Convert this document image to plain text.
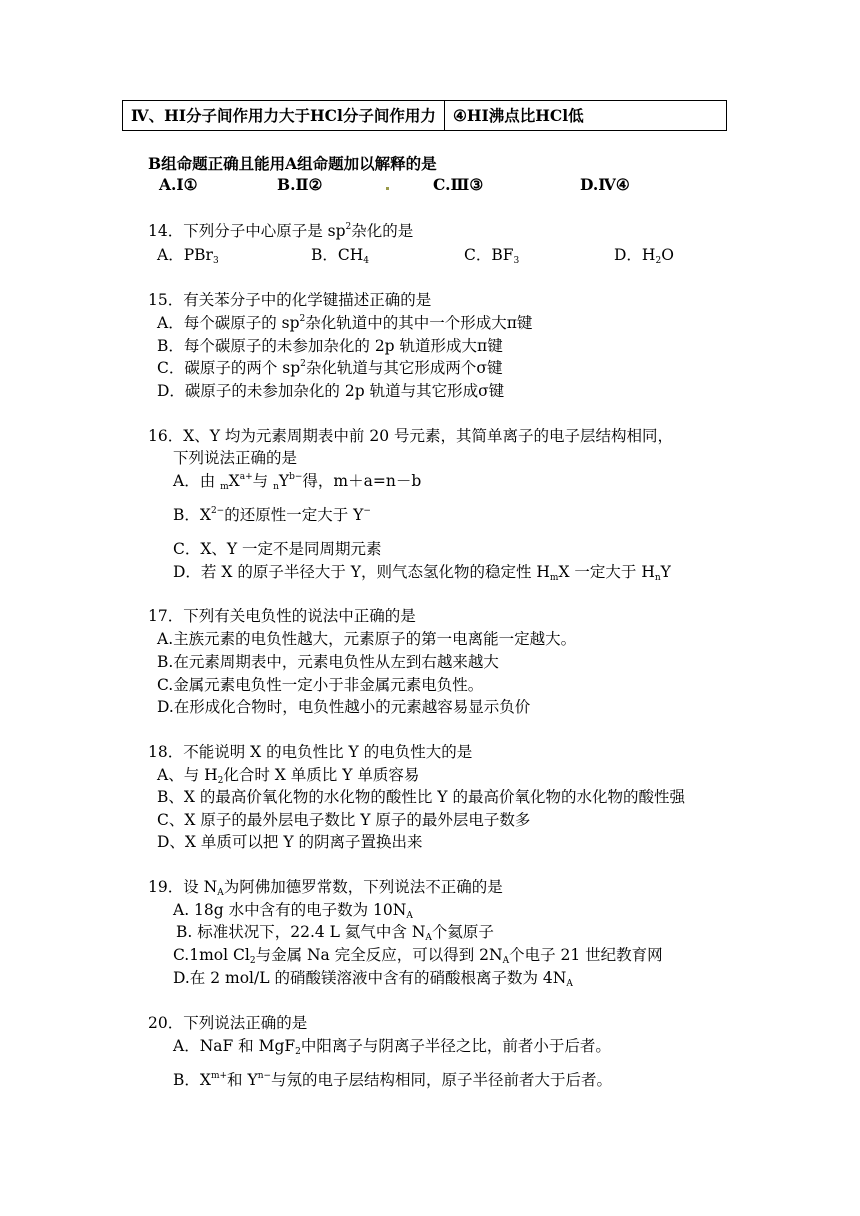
Ⅳ、HI分子间作用力大于HCl分子间作用力	④HI沸点比HCl低
B组命题正确且能用A组命题加以解释的是
A.Ⅰ①	B.Ⅱ②	C.Ⅲ③	D.Ⅳ④
14．下列分子中心原子是 $sp^2$杂化的是
A．PBr$_3$	B．$CH_4$	C．$BF_3$	D．$H_2O$
15．有关苯分子中的化学键描述正确的是
A．每个碳原子的 $sp^2$杂化轨道中的其中一个形成大π键
B．每个碳原子的未参加杂化的 2p 轨道形成大π键
C．碳原子的两个 $sp^2$杂化轨道与其它形成两个σ键
D．碳原子的未参加杂化的 2p 轨道与其它形成σ键
16．X、Y 均为元素周期表中前 20 号元素，其简单离子的电子层结构相同，
下列说法正确的是
A．由 $_mX^{a+}$与 $_nY^{b-}$得，m＋a=n－b
B．$X^{2-}$的还原性一定大于 Y−
C．X、Y 一定不是同周期元素
D．若 X 的原子半径大于 Y，则气态氢化物的稳定性 $H_mX$ 一定大于 $H_nY$
17．下列有关电负性的说法中正确的是
A.主族元素的电负性越大，元素原子的第一电离能一定越大。
B.在元素周期表中，元素电负性从左到右越来越大
C.金属元素电负性一定小于非金属元素电负性。
D.在形成化合物时，电负性越小的元素越容易显示负价
18．不能说明 X 的电负性比 Y 的电负性大的是
A、与 $H_2$化合时 X 单质比 Y 单质容易
B、X 的最高价氧化物的水化物的酸性比 Y 的最高价氧化物的水化物的酸性强
C、X 原子的最外层电子数比 Y 原子的最外层电子数多
D、X 单质可以把 Y 的阴离子置换出来
19．设 $N_A$为阿佛加德罗常数，下列说法不正确的是
A. 18g 水中含有的电子数为 $10N_A$
B. 标准状况下，22.4 L 氦气中含 $N_A$个氦原子
C.1mol $Cl_2$与金属 Na 完全反应，可以得到 $2N_A$个电子 21 世纪教育网
D.在 2 mol/L 的硝酸镁溶液中含有的硝酸根离子数为 $4N_A$
20．下列说法正确的是
A．NaF 和 MgF$_2$中阳离子与阴离子半径之比，前者小于后者。
B．$X^{m+}$和 $Y^{n-}$与氖的电子层结构相同，原子半径前者大于后者。
